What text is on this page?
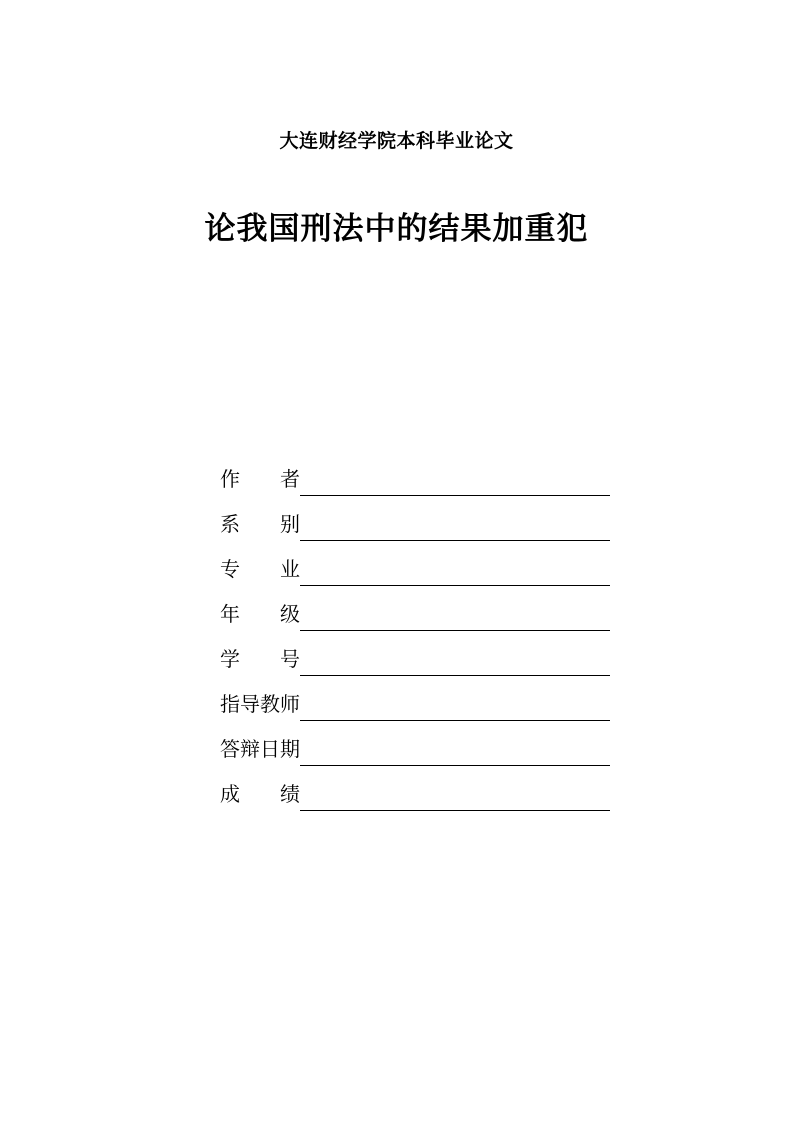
大连财经学院本科毕业论文
论我国刑法中的结果加重犯
作　　者
系　　别
专　　业
年　　级
学　　号
指导教师
答辩日期
成　　绩
